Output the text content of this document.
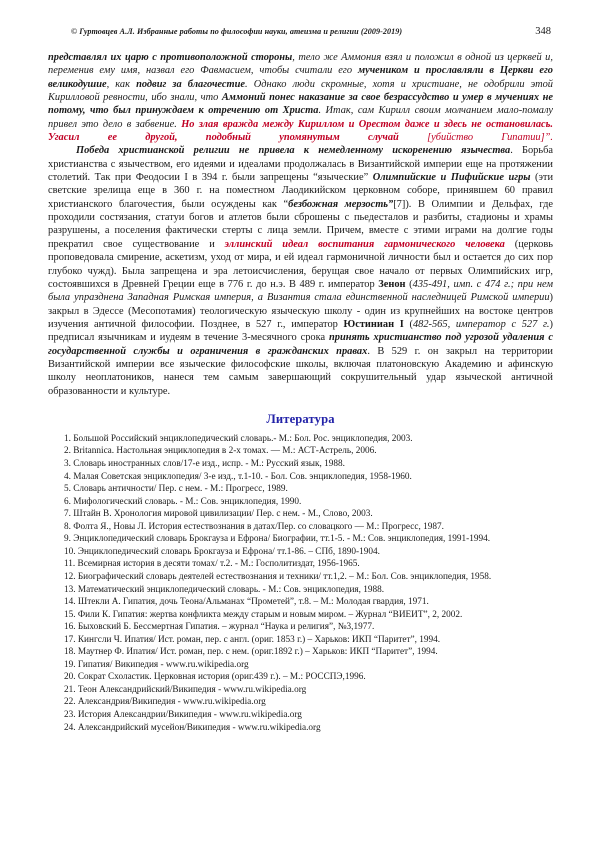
© Гуртовцев А.Л. Избранные работы по философии науки, атеизма и религии (2009-2019)	348

представлял их царю с противоположной стороны, тело же Аммония взял и положил в одной из церквей и, переменив ему имя, назвал его Фавмасием, чтобы считали его мучеником и прославляли в Церкви его великодушие, как подвиг за благочестие. Однако люди скромные, хотя и христиане, не одобрили этой Кирилловой ревности, ибо знали, что Аммоний понес наказание за свое безрассудство и умер в мучениях не потому, что был принуждаем к отречению от Христа. Итак, сам Кирилл своим молчанием мало-помалу привел это дело в забвение. Но злая вражда между Кириллом и Орестом даже и здесь не остановилась. Угасил ее другой, подобный упомянутым случай [убийство Гипатии]”.

Победа христианской религии не привела к немедленному искоренению язычества. Борьба христианства с язычеством, его идеями и идеалами продолжалась в Византийской империи еще на протяжении столетий. Так при Феодосии I в 394 г. были запрещены “языческие” Олимпийские и Пифийские игры (эти светские зрелища еще в 360 г. на поместном Лаодикийском церковном соборе, принявшем 60 правил христианского благочестия, были осуждены как “безбожная мерзость”[7]). В Олимпии и Дельфах, где проходили состязания, статуи богов и атлетов были сброшены с пьедесталов и разбиты, стадионы и храмы разрушены, а поселения фактически стерты с лица земли. Причем, вместе с этими играми на долгие годы прекратил свое существование и эллинский идеал воспитания гармонического человека (церковь проповедовала смирение, аскетизм, уход от мира, и ей идеал гармоничной личности был и остается до сих пор глубоко чужд). Была запрещена и эра летоисчисления, берущая свое начало от первых Олимпийских игр, состоявшихся в Древней Греции еще в 776 г. до н.э. В 489 г. император Зенон (435-491, имп. с 474 г.; при нем была упразднена Западная Римская империя, а Византия стала единственной наследницей Римской империи) закрыл в Эдессе (Месопотамия) теологическую языческую школу - один из крупнейших на востоке центров изучения античной философии. Позднее, в 527 г., император Юстиниан I (482-565, император с 527 г.) предписал язычникам и иудеям в течение 3-месячного срока принять христианство под угрозой удаления с государственной службы и ограничения в гражданских правах. В 529 г. он закрыл на территории Византийской империи все языческие философские школы, включая платоновскую Академию и афинскую школу неоплатоников, нанеся тем самым завершающий сокрушительный удар языческой античной образованности и культуре.

Литература
1. Большой Российский энциклопедический словарь.- М.: Бол. Рос. энциклопедия, 2003.
2. Britannica. Настольная энциклопедия в 2-х томах. — М.: АСТ-Астрель, 2006.
3. Словарь иностранных слов/17-е изд., испр. - М.: Русский язык, 1988.
4. Малая Советская энциклопедия/ 3-е изд., т.1-10. - Бол. Сов. энциклопедия, 1958-1960.
5. Словарь античности/ Пер. с нем. - М.: Прогресс, 1989.
6. Мифологический словарь. - М.: Сов. энциклопедия, 1990.
7. Штайн В. Хронология мировой цивилизации/ Пер. с нем. - М., Слово, 2003.
8. Фолта Я., Новы Л. История естествознания в датах/Пер. со словацкого — М.: Прогресс, 1987.
9. Энциклопедический словарь Брокгауза и Ефрона/ Биографии, тт.1-5. - М.: Сов. энциклопедия, 1991-1994.
10. Энциклопедический словарь Брокгауза и Ефрона/ тт.1-86. – СПб, 1890-1904.
11. Всемирная история в десяти томах/ т.2. - М.: Госполитиздат, 1956-1965.
12. Биографический словарь деятелей естествознания и техники/ тт.1,2. – М.: Бол. Сов. энциклопедия, 1958.
13. Математический энциклопедический словарь. - М.: Сов. энциклопедия, 1988.
14. Штекли А. Гипатия, дочь Теона/Альманах “Прометей”, т.8. – М.: Молодая гвардия, 1971.
15. Фили К. Гипатия: жертва конфликта между старым и новым миром. – Журнал “ВИЕИТ”, 2, 2002.
16. Быховский Б. Бессмертная Гипатия. – журнал “Наука и религия”, №3,1977.
17. Кингсли Ч. Ипатия/ Ист. роман, пер. с англ. (ориг. 1853 г.) – Харьков: ИКП “Паритет”, 1994.
18. Маутнер Ф. Ипатия/ Ист. роман, пер. с нем. (ориг.1892 г.) – Харьков: ИКП “Паритет”, 1994.
19. Гипатия/ Википедия - www.ru.wikipedia.org
20. Сократ Схоластик. Церковная история (ориг.439 г.). – М.: РОССПЭ,1996.
21. Теон Александрийский/Википедия - www.ru.wikipedia.org
22. Александрия/Википедия - www.ru.wikipedia.org
23. История Александрии/Википедия - www.ru.wikipedia.org
24. Александрийский мусейон/Википедия - www.ru.wikipedia.org
